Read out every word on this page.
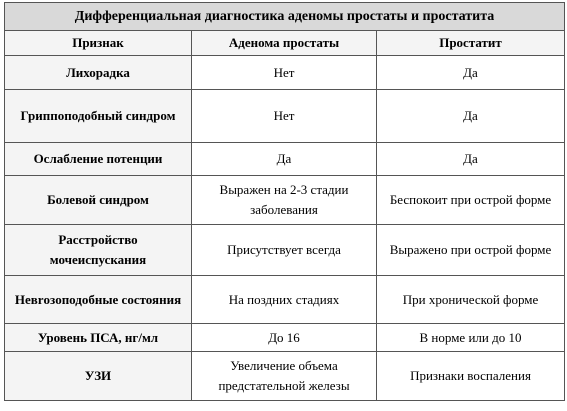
Дифференциальная диагностика аденомы простаты и простатита		
Признак	Аденома простаты	Простатит
Лихорадка	Нет	Да
Гриппоподобный синдром	Нет	Да
Ослабление потенции	Да	Да
Болевой синдром	Выражен на 2-3 стадии заболевания	Беспокоит при острой форме
Расстройство мочеиспускания	Присутствует всегда	Выражено при острой форме
Невrозоподобные состояния	На поздних стадиях	При хронической форме
Уровень ПСА, нг/мл	До 16	В норме или до 10
УЗИ	Увеличение объема предстательной железы	Признаки воспаления
